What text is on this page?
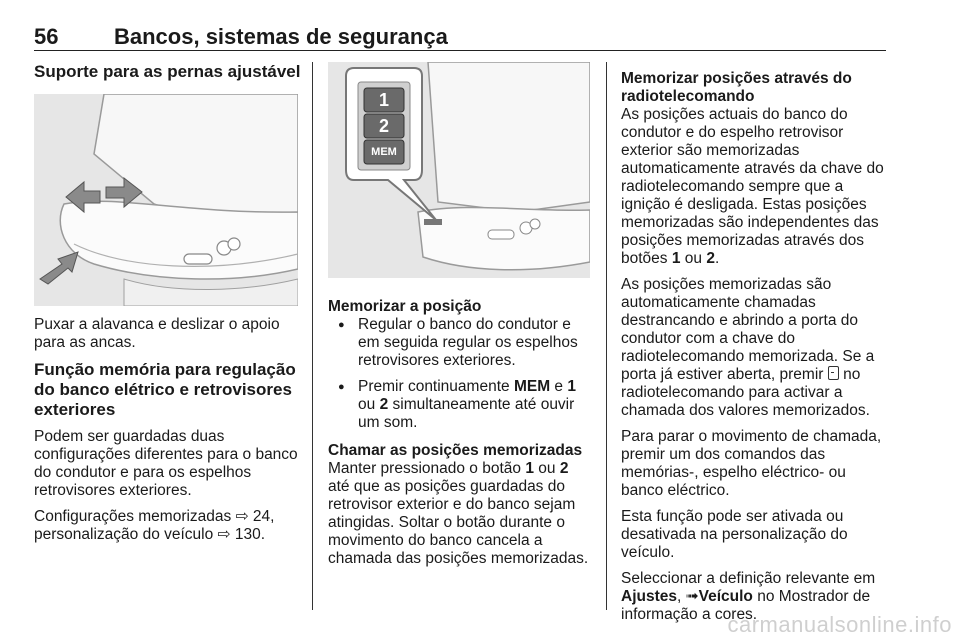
56	Bancos, sistemas de segurança
Suporte para as pernas ajustável

Puxar a alavanca e deslizar o apoio para as ancas.

Função memória para regulação do banco elétrico e retrovisores exteriores

Podem ser guardadas duas configurações diferentes para o banco do condutor e para os espelhos retrovisores exteriores.

Configurações memorizadas ⇨ 24, personalização do veículo ⇨ 130.

1
2
MEM
Memorizar a posição
● Regular o banco do condutor e em seguida regular os espelhos retrovisores exteriores.
● Premir continuamente MEM e 1 ou 2 simultaneamente até ouvir um som.
Chamar as posições memorizadas

Manter pressionado o botão 1 ou 2 até que as posições guardadas do retrovisor exterior e do banco sejam atingidas. Soltar o botão durante o movimento do banco cancela a chamada das posições memorizadas.

Memorizar posições através do radiotelecomando

As posições actuais do banco do condutor e do espelho retrovisor exterior são memorizadas automaticamente através da chave do radiotelecomando sempre que a ignição é desligada. Estas posições memorizadas são independentes das posições memorizadas através dos botões 1 ou 2.

As posições memorizadas são automaticamente chamadas destrancando e abrindo a porta do condutor com a chave do radiotelecomando memorizada. Se a porta já estiver aberta, premir no radiotelecomando para activar a chamada dos valores memorizados.

Para parar o movimento de chamada, premir um dos comandos das memórias-, espelho eléctrico- ou banco eléctrico.

Esta função pode ser ativada ou desativada na personalização do veículo.

Seleccionar a definição relevante em Ajustes, ➟Veículo no Mostrador de informação a cores.

carmanualsonline.info
